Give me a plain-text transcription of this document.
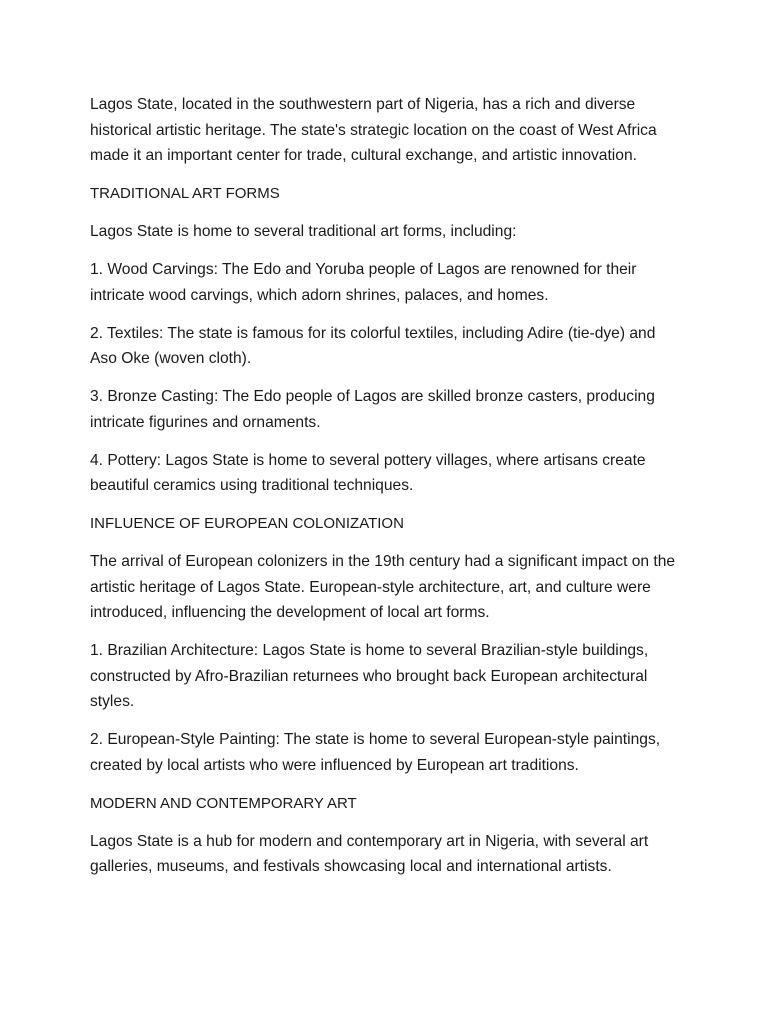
Lagos State, located in the southwestern part of Nigeria, has a rich and diverse historical artistic heritage. The state's strategic location on the coast of West Africa made it an important center for trade, cultural exchange, and artistic innovation.

TRADITIONAL ART FORMS

Lagos State is home to several traditional art forms, including:

1. Wood Carvings: The Edo and Yoruba people of Lagos are renowned for their intricate wood carvings, which adorn shrines, palaces, and homes.

2. Textiles: The state is famous for its colorful textiles, including Adire (tie-dye) and Aso Oke (woven cloth).

3. Bronze Casting: The Edo people of Lagos are skilled bronze casters, producing intricate figurines and ornaments.

4. Pottery: Lagos State is home to several pottery villages, where artisans create beautiful ceramics using traditional techniques.

INFLUENCE OF EUROPEAN COLONIZATION

The arrival of European colonizers in the 19th century had a significant impact on the artistic heritage of Lagos State. European-style architecture, art, and culture were introduced, influencing the development of local art forms.

1. Brazilian Architecture: Lagos State is home to several Brazilian-style buildings, constructed by Afro-Brazilian returnees who brought back European architectural styles.

2. European-Style Painting: The state is home to several European-style paintings, created by local artists who were influenced by European art traditions.

MODERN AND CONTEMPORARY ART

Lagos State is a hub for modern and contemporary art in Nigeria, with several art galleries, museums, and festivals showcasing local and international artists.
